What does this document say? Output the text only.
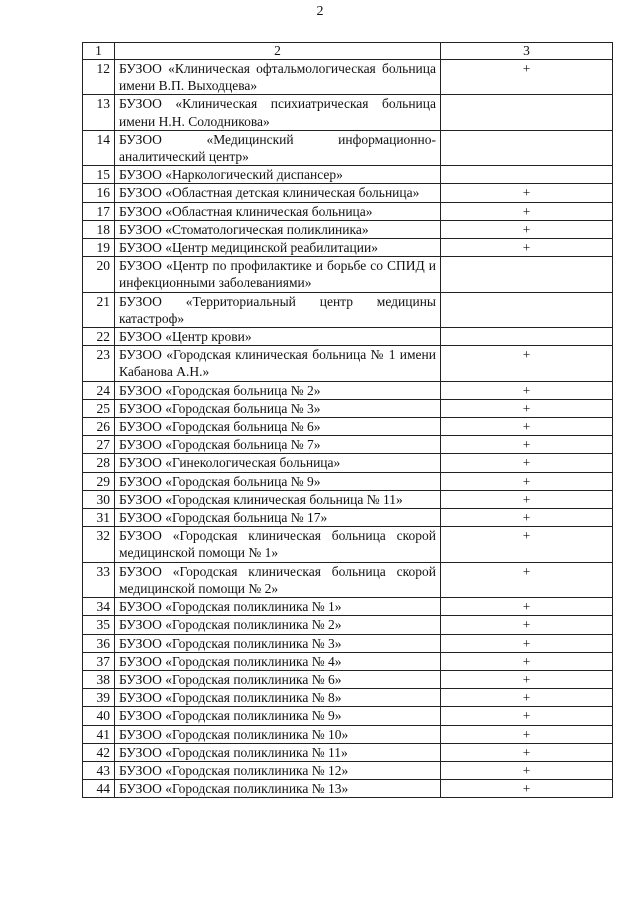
2
1	2	3
12	БУЗОО «Клиническая офтальмологическая больница имени В.П. Выходцева»	+
13	БУЗОО «Клиническая психиатрическая больница имени Н.Н. Солодникова»	
14	БУЗОО «Медицинский информационно-аналитический центр»	
15	БУЗОО «Наркологический диспансер»	
16	БУЗОО «Областная детская клиническая больница»	+
17	БУЗОО «Областная клиническая больница»	+
18	БУЗОО «Стоматологическая поликлиника»	+
19	БУЗОО «Центр медицинской реабилитации»	+
20	БУЗОО «Центр по профилактике и борьбе со СПИД и инфекционными заболеваниями»	
21	БУЗОО «Территориальный центр медицины катастроф»	
22	БУЗОО «Центр крови»	
23	БУЗОО «Городская клиническая больница № 1 имени Кабанова А.Н.»	+
24	БУЗОО «Городская больница № 2»	+
25	БУЗОО «Городская больница № 3»	+
26	БУЗОО «Городская больница № 6»	+
27	БУЗОО «Городская больница № 7»	+
28	БУЗОО «Гинекологическая больница»	+
29	БУЗОО «Городская больница № 9»	+
30	БУЗОО «Городская клиническая больница № 11»	+
31	БУЗОО «Городская больница № 17»	+
32	БУЗОО «Городская клиническая больница скорой медицинской помощи № 1»	+
33	БУЗОО «Городская клиническая больница скорой медицинской помощи № 2»	+
34	БУЗОО «Городская поликлиника № 1»	+
35	БУЗОО «Городская поликлиника № 2»	+
36	БУЗОО «Городская поликлиника № 3»	+
37	БУЗОО «Городская поликлиника № 4»	+
38	БУЗОО «Городская поликлиника № 6»	+
39	БУЗОО «Городская поликлиника № 8»	+
40	БУЗОО «Городская поликлиника № 9»	+
41	БУЗОО «Городская поликлиника № 10»	+
42	БУЗОО «Городская поликлиника № 11»	+
43	БУЗОО «Городская поликлиника № 12»	+
44	БУЗОО «Городская поликлиника № 13»	+
